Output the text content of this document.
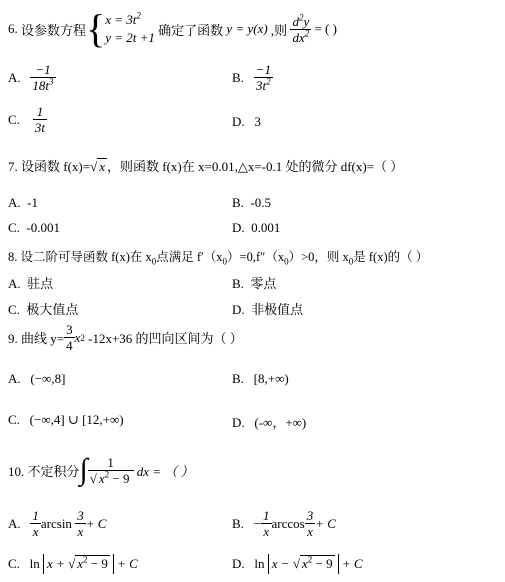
6.
设参数方程 { $x = 3t^2$
y = 2t +1
确定了函数
y = y(x)
,则
$\frac{d^2y}{dx^2}$
= ( )
A.
$\frac{-1}{18t^3}$	B.
$\frac{-1}{3t^2}$
C.
$\frac{1}{3t}$	D. 3
7. 设函数 f(x)=√ x ，则函数 f(x)在 x=0.01,△x=-0.1 处的微分 df(x)=（ ）
A. -1	B. -0.5
C. -0.001	D. 0.001
8. 设二阶可导函数 f(x)在 $x_0$点满足 $f'(x_0)=0,f''(x_0)>0$，则 $x_0$是 f(x)的（ ）
A. 驻点	B. 零点
C. 极大值点	D. 非极值点
9. 曲线 $y= \frac{3}{4}$ x 2
-12x+36 的凹向区间为（ ）
A. (−∞,8]	B. [8,+∞)
C. (−∞,4] ∪ [12,+∞)	D. (-∞，+∞)
10. 不定积分 ∫ $\frac{1}{√ x^2 - 9}$
dx = （ ）
A.
$\frac{1}{x}$ arcsin
$\frac{3}{x} + C$	B.
− $\frac{1}{x}$ $\arccos \frac{3}{x} + C$
C.
ln
x + √ $x^2 - 9$
+ C	D.
ln
x − √ $x^2 - 9$
+ C
